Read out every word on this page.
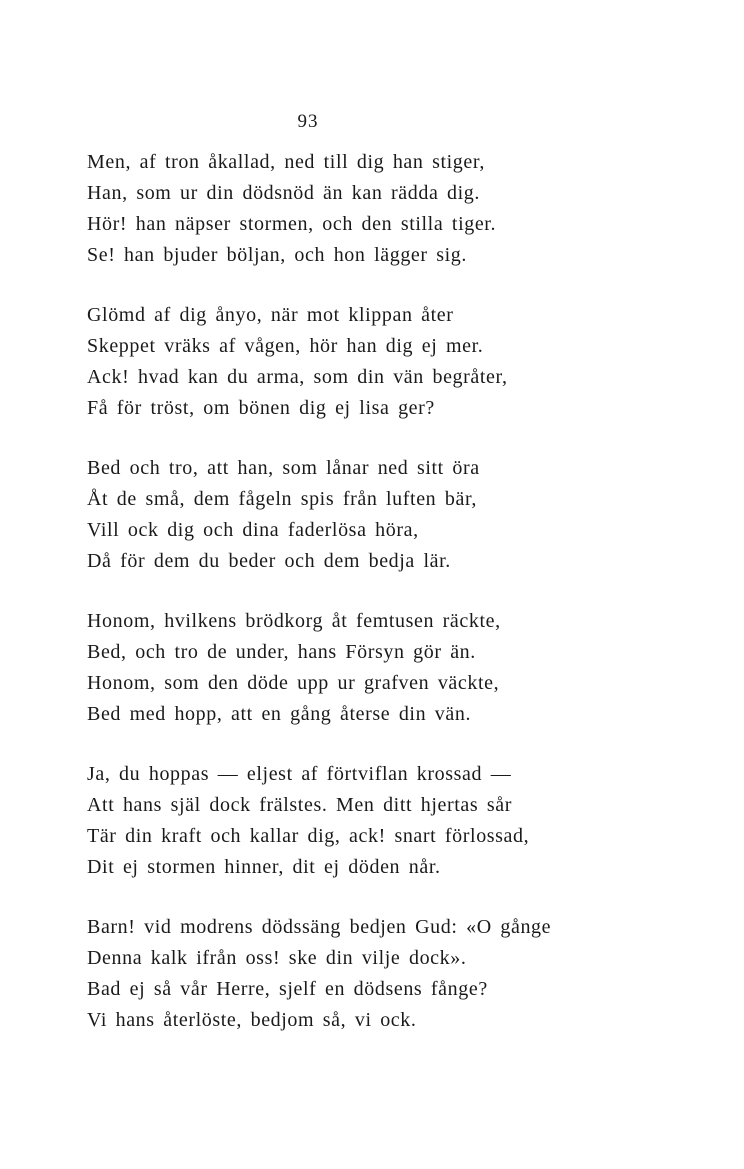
93
Men, af tron åkallad, ned till dig han stiger,
Han, som ur din dödsnöd än kan rädda dig.
Hör! han näpser stormen, och den stilla tiger.
Se! han bjuder böljan, och hon lägger sig.
Glömd af dig ånyo, när mot klippan åter
Skeppet vräks af vågen, hör han dig ej mer.
Ack! hvad kan du arma, som din vän begråter,
Få för tröst, om bönen dig ej lisa ger?
Bed och tro, att han, som lånar ned sitt öra
Åt de små, dem fågeln spis från luften bär,
Vill ock dig och dina faderlösa höra,
Då för dem du beder och dem bedja lär.
Honom, hvilkens brödkorg åt femtusen räckte,
Bed, och tro de under, hans Försyn gör än.
Honom, som den döde upp ur grafven väckte,
Bed med hopp, att en gång återse din vän.
Ja, du hoppas — eljest af förtviflan krossad —
Att hans själ dock frälstes. Men ditt hjertas sår
Tär din kraft och kallar dig, ack! snart förlossad,
Dit ej stormen hinner, dit ej döden når.
Barn! vid modrens dödssäng bedjen Gud: «O gånge
Denna kalk ifrån oss! ske din vilje dock».
Bad ej så vår Herre, sjelf en dödsens fånge?
Vi hans återlöste, bedjom så, vi ock.
